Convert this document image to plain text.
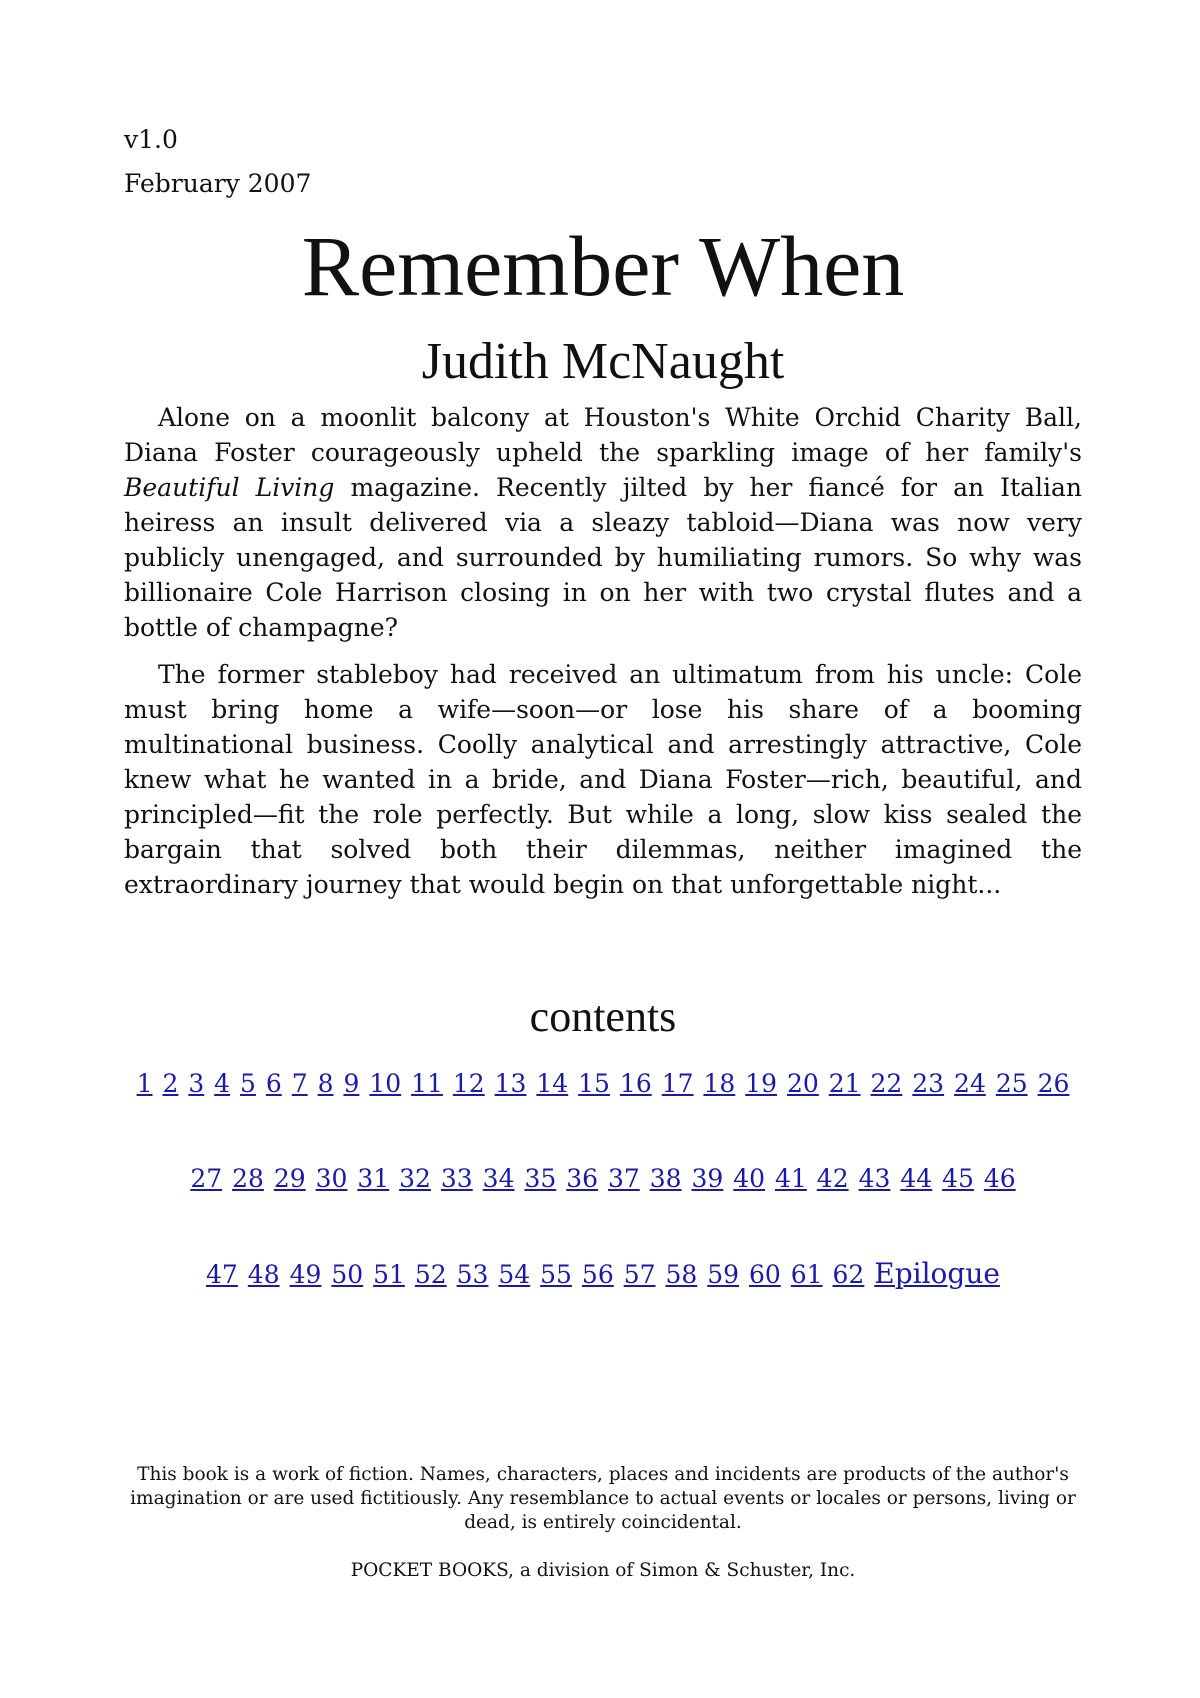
v1.0

February 2007

Remember When
Judith McNaught

Alone on a moonlit balcony at Houston's White Orchid Charity Ball, Diana Foster courageously upheld the sparkling image of her family's Beautiful Living magazine. Recently jilted by her fiancé for an Italian heiress an insult delivered via a sleazy tabloid—Diana was now very publicly unengaged, and surrounded by humiliating rumors. So why was billionaire Cole Harrison closing in on her with two crystal flutes and a bottle of champagne?

The former stableboy had received an ultimatum from his uncle: Cole must bring home a wife—soon—or lose his share of a booming multinational business. Coolly analytical and arrestingly attractive, Cole knew what he wanted in a bride, and Diana Foster—rich, beautiful, and principled—fit the role perfectly. But while a long, slow kiss sealed the bargain that solved both their dilemmas, neither imagined the extraordinary journey that would begin on that unforgettable night...

contents
1 2 3 4 5 6 7 8 9 10 11 12 13 14 15 16 17 18 19 20 21 22 23 24 25 26
27 28 29 30 31 32 33 34 35 36 37 38 39 40 41 42 43 44 45 46
47 48 49 50 51 52 53 54 55 56 57 58 59 60 61 62 Epilogue

This book is a work of fiction. Names, characters, places and incidents are products of the author's imagination or are used fictitiously. Any resemblance to actual events or locales or persons, living or dead, is entirely coincidental.

POCKET BOOKS, a division of Simon & Schuster, Inc.
